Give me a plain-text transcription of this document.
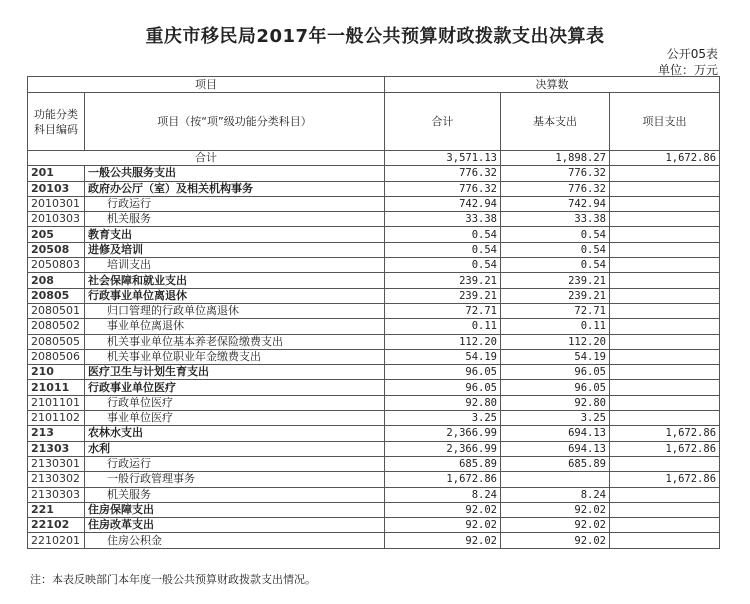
重庆市移民局2017年一般公共预算财政拨款支出决算表
公开05表
单位：万元
项目		决算数		
功能分类科目编码	项目（按“项”级功能分类科目）	合计	基本支出	项目支出
合计		3,571.13	1,898.27	1,672.86
201	一般公共服务支出	776.32	776.32	
20103	政府办公厅（室）及相关机构事务	776.32	776.32	
2010301	行政运行	742.94	742.94	
2010303	机关服务	33.38	33.38	
205	教育支出	0.54	0.54	
20508	进修及培训	0.54	0.54	
2050803	培训支出	0.54	0.54	
208	社会保障和就业支出	239.21	239.21	
20805	行政事业单位离退休	239.21	239.21	
2080501	归口管理的行政单位离退休	72.71	72.71	
2080502	事业单位离退休	0.11	0.11	
2080505	机关事业单位基本养老保险缴费支出	112.20	112.20	
2080506	机关事业单位职业年金缴费支出	54.19	54.19	
210	医疗卫生与计划生育支出	96.05	96.05	
21011	行政事业单位医疗	96.05	96.05	
2101101	行政单位医疗	92.80	92.80	
2101102	事业单位医疗	3.25	3.25	
213	农林水支出	2,366.99	694.13	1,672.86
21303	水利	2,366.99	694.13	1,672.86
2130301	行政运行	685.89	685.89	
2130302	一般行政管理事务	1,672.86		1,672.86
2130303	机关服务	8.24	8.24	
221	住房保障支出	92.02	92.02	
22102	住房改革支出	92.02	92.02	
2210201	住房公积金	92.02	92.02	
注：本表反映部门本年度一般公共预算财政拨款支出情况。
